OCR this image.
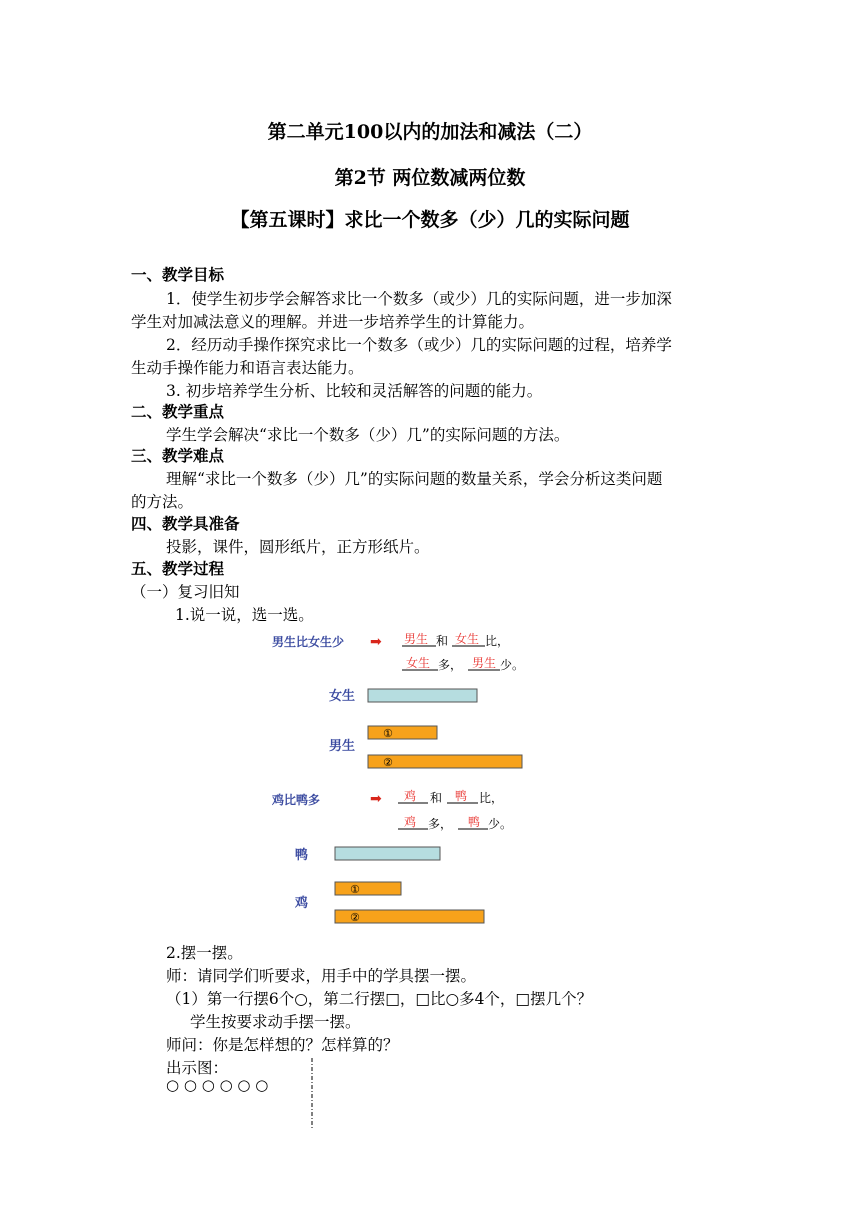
第二单元100以内的加法和减法（二）
第2节 两位数减两位数
【第五课时】求比一个数多（少）几的实际问题
一、教学目标
1．使学生初步学会解答求比一个数多（或少）几的实际问题，进一步加深
学生对加减法意义的理解。并进一步培养学生的计算能力。
2．经历动手操作探究求比一个数多（或少）几的实际问题的过程，培养学
生动手操作能力和语言表达能力。
3. 初步培养学生分析、比较和灵活解答的问题的能力。
二、教学重点
学生学会解决“求比一个数多（少）几”的实际问题的方法。
三、教学难点
理解“求比一个数多（少）几”的实际问题的数量关系，学会分析这类问题
的方法。
四、教学具准备
投影，课件，圆形纸片，正方形纸片。
五、教学过程
（一）复习旧知
1.说一说，选一选。
男生比女生少 ➡ 男生 和 女生 比，
女生 多， 男生 少。
女生
男生
①
②
鸡比鸭多	➡ 鸡 和 鸭 比，
鸡 多， 鸭 少。
鸭
鸡
①
②
2.摆一摆。
师：请同学们听要求，用手中的学具摆一摆。
（1）第一行摆6个○，第二行摆□，□比○多4个，□摆几个？
学生按要求动手摆一摆。
师问：你是怎样想的？怎样算的？
出示图：
○ ○ ○ ○ ○ ○
